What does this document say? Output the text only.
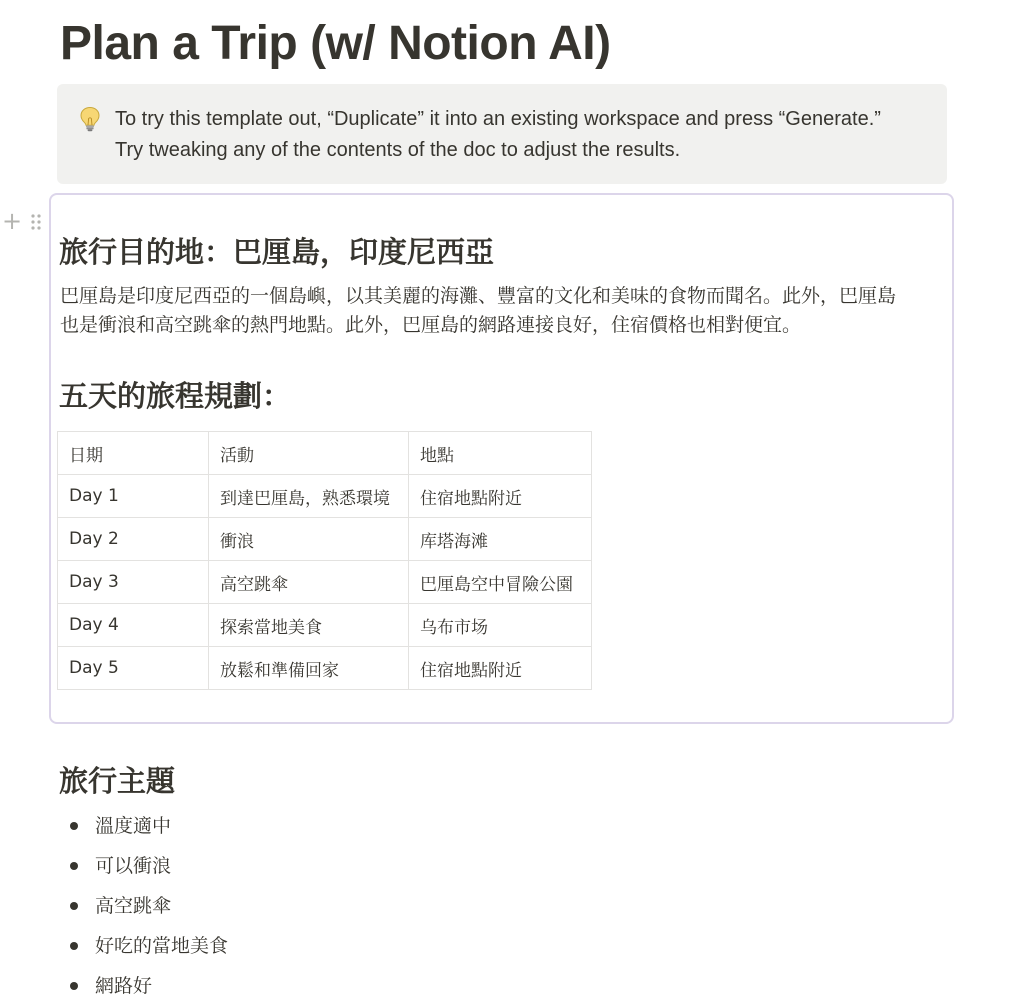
Plan a Trip (w/ Notion AI)
To try this template out, “Duplicate” it into an existing workspace and press “Generate.”
Try tweaking any of the contents of the doc to adjust the results.
+
旅行目的地：巴厘島，印度尼西亞
巴厘島是印度尼西亞的一個島嶼，以其美麗的海灘、豐富的文化和美味的食物而聞名。此外，巴厘島
也是衝浪和高空跳傘的熱門地點。此外，巴厘島的網路連接良好，住宿價格也相對便宜。
五天的旅程規劃：
日期	活動	地點
Day 1	到達巴厘島，熟悉環境	住宿地點附近
Day 2	衝浪	库塔海滩
Day 3	高空跳傘	巴厘島空中冒險公園
Day 4	探索當地美食	乌布市场
Day 5	放鬆和準備回家	住宿地點附近
旅行主題
溫度適中
可以衝浪
高空跳傘
好吃的當地美食
網路好
